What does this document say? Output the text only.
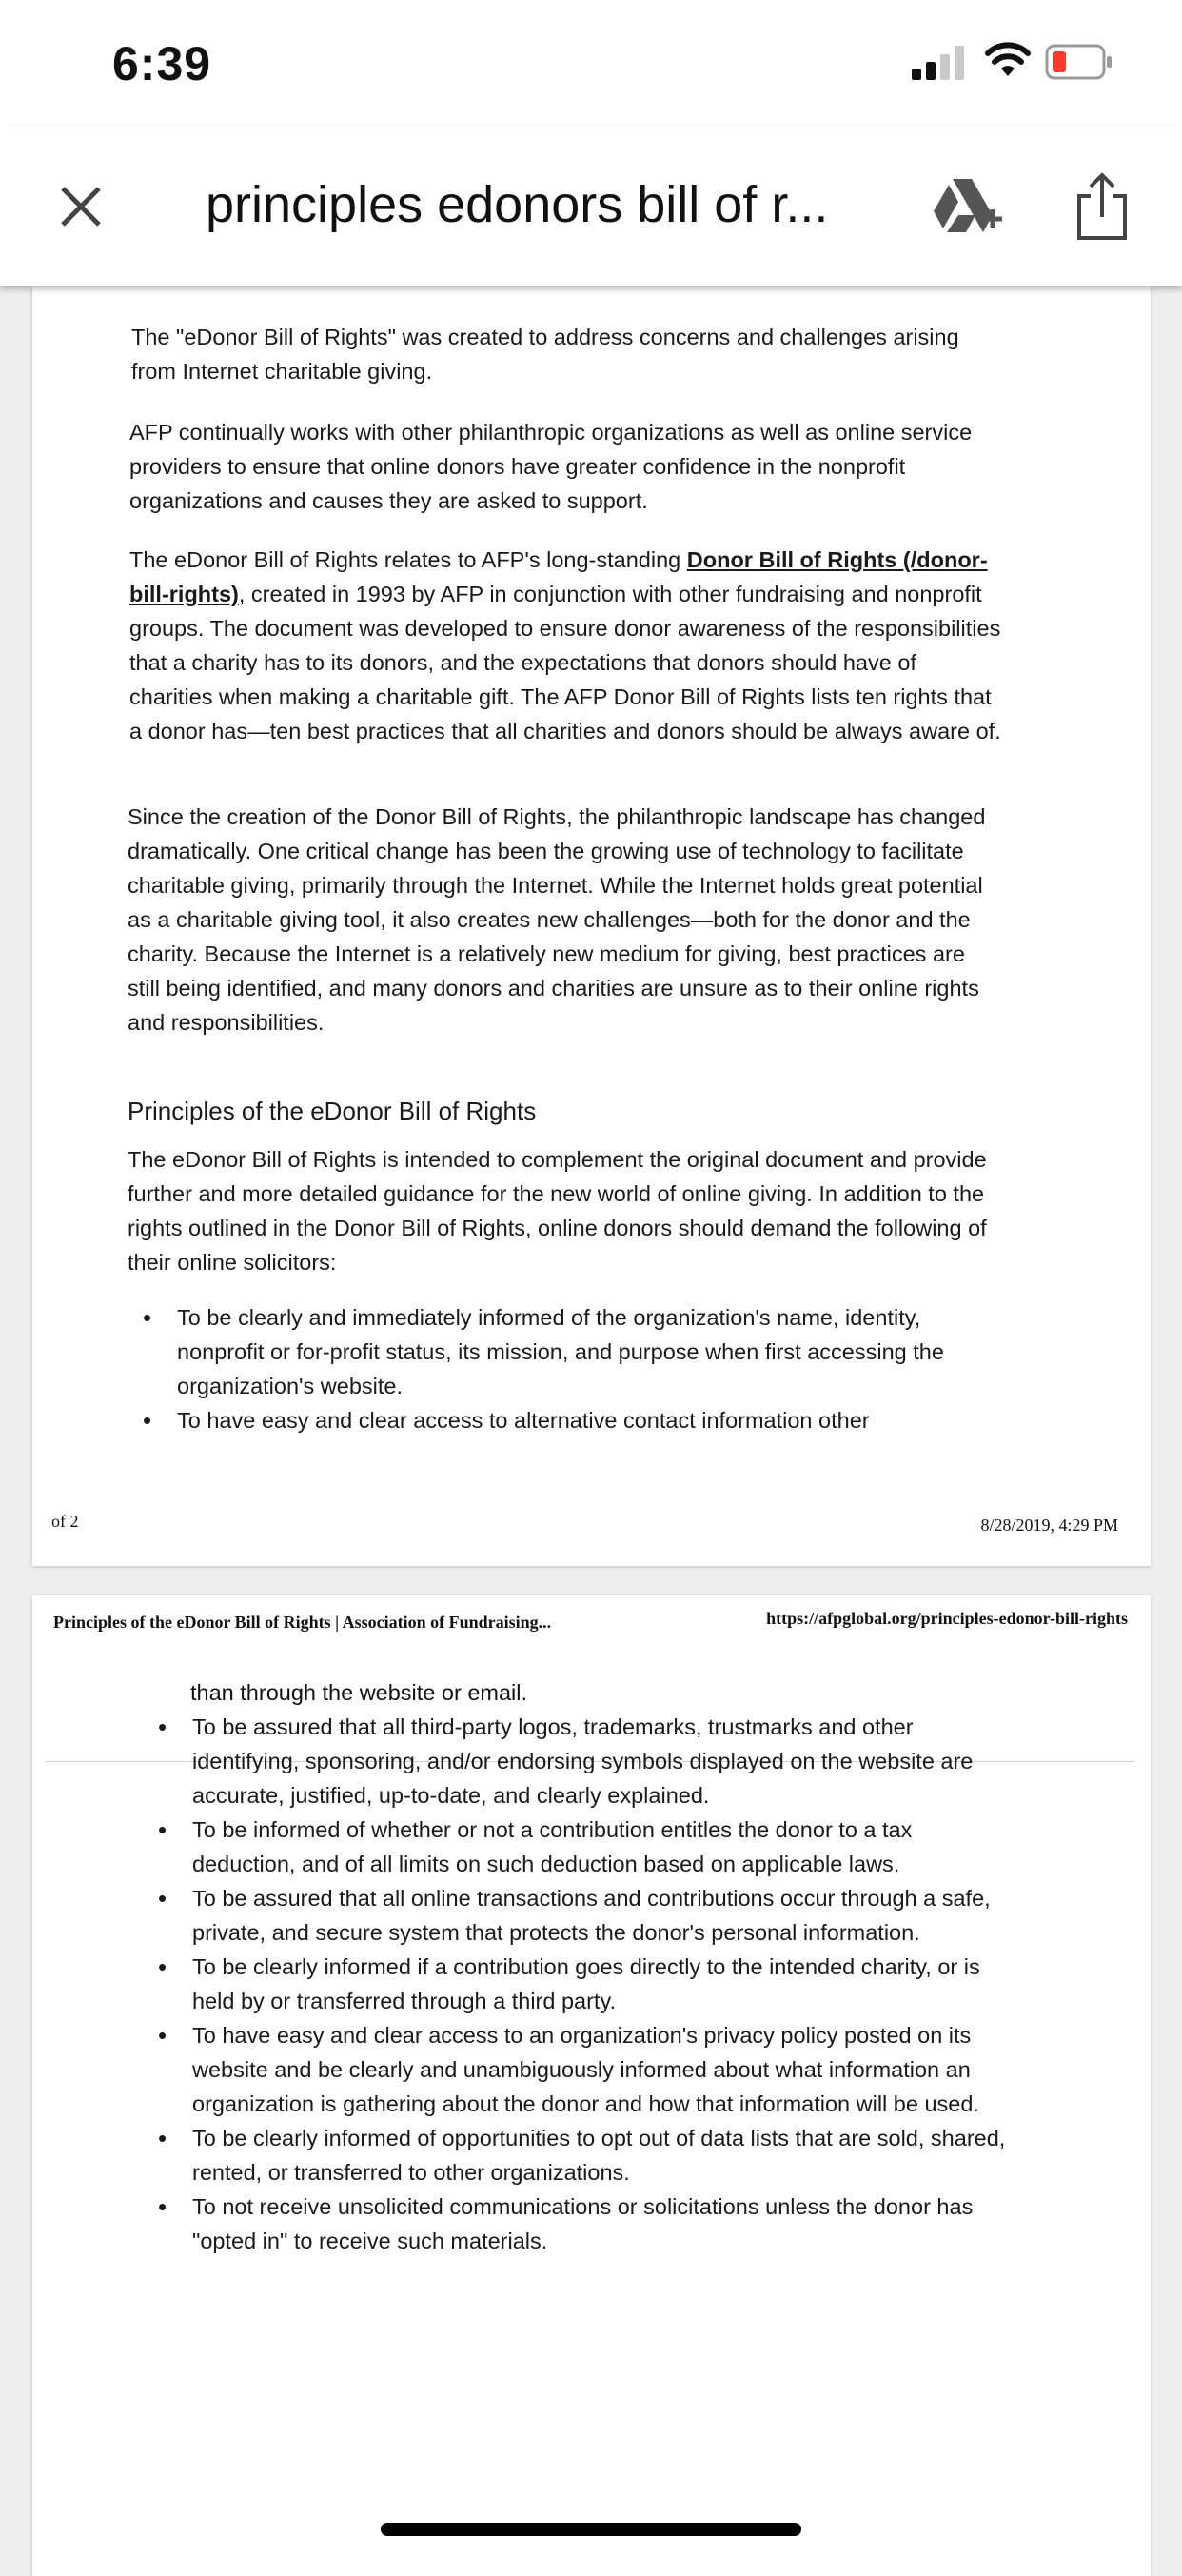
6:39
principles edonors bill of r...

The "eDonor Bill of Rights" was created to address concerns and challenges arising from Internet charitable giving.

AFP continually works with other philanthropic organizations as well as online service providers to ensure that online donors have greater confidence in the nonprofit organizations and causes they are asked to support.

The eDonor Bill of Rights relates to AFP's long-standing Donor Bill of Rights (/donor-bill-rights), created in 1993 by AFP in conjunction with other fundraising and nonprofit groups. The document was developed to ensure donor awareness of the responsibilities that a charity has to its donors, and the expectations that donors should have of charities when making a charitable gift. The AFP Donor Bill of Rights lists ten rights that a donor has—ten best practices that all charities and donors should be always aware of.

Since the creation of the Donor Bill of Rights, the philanthropic landscape has changed dramatically. One critical change has been the growing use of technology to facilitate charitable giving, primarily through the Internet. While the Internet holds great potential as a charitable giving tool, it also creates new challenges—both for the donor and the charity. Because the Internet is a relatively new medium for giving, best practices are still being identified, and many donors and charities are unsure as to their online rights and responsibilities.

Principles of the eDonor Bill of Rights

The eDonor Bill of Rights is intended to complement the original document and provide further and more detailed guidance for the new world of online giving. In addition to the rights outlined in the Donor Bill of Rights, online donors should demand the following of their online solicitors:

• To be clearly and immediately informed of the organization's name, identity, nonprofit or for-profit status, its mission, and purpose when first accessing the organization's website.
• To have easy and clear access to alternative contact information other
of 2	8/28/2019, 4:29 PM
Principles of the eDonor Bill of Rights | Association of Fundraising...	https://afpglobal.org/principles-edonor-bill-rights
than through the website or email.
• To be assured that all third-party logos, trademarks, trustmarks and other identifying, sponsoring, and/or endorsing symbols displayed on the website are accurate, justified, up-to-date, and clearly explained.
• To be informed of whether or not a contribution entitles the donor to a tax deduction, and of all limits on such deduction based on applicable laws.
• To be assured that all online transactions and contributions occur through a safe, private, and secure system that protects the donor's personal information.
• To be clearly informed if a contribution goes directly to the intended charity, or is held by or transferred through a third party.
• To have easy and clear access to an organization's privacy policy posted on its website and be clearly and unambiguously informed about what information an organization is gathering about the donor and how that information will be used.
• To be clearly informed of opportunities to opt out of data lists that are sold, shared, rented, or transferred to other organizations.
• To not receive unsolicited communications or solicitations unless the donor has "opted in" to receive such materials.
